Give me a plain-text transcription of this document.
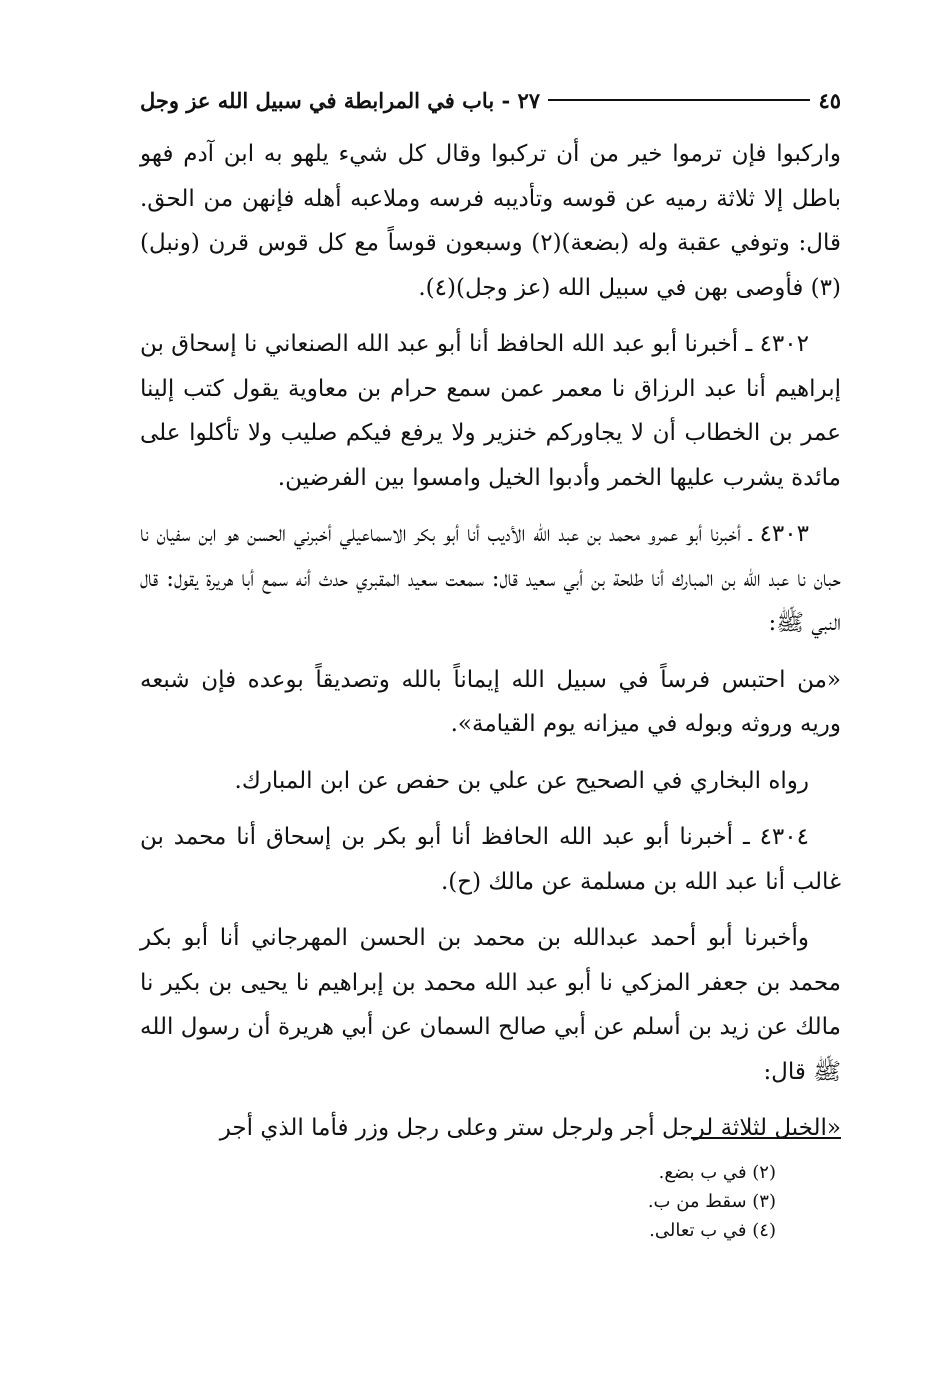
٢٧ - باب في المرابطة في سبيل الله عز وجل	٤٥

واركبوا فإن ترموا خير من أن تركبوا وقال كل شيء يلهو به ابن آدم فهو باطل إلا ثلاثة رميه عن قوسه وتأديبه فرسه وملاعبه أهله فإنهن من الحق. قال: وتوفي عقبة وله (بضعة)(٢) وسبعون قوساً مع كل قوس قرن (ونبل)(٣) فأوصى بهن في سبيل الله (عز وجل)(٤).

٤٣٠٢ ـ أخبرنا أبو عبد الله الحافظ أنا أبو عبد الله الصنعاني نا إسحاق بن إبراهيم أنا عبد الرزاق نا معمر عمن سمع حرام بن معاوية يقول كتب إلينا عمر بن الخطاب أن لا يجاوركم خنزير ولا يرفع فيكم صليب ولا تأكلوا على مائدة يشرب عليها الخمر وأدبوا الخيل وامسوا بين الفرضين.

٤٣٠٣ ـ أخبرنا أبو عمرو محمد بن عبد الله الأديب أنا أبو بكر الاسماعيلي أخبرني الحسن هو ابن سفيان نا حبان نا عبد الله بن المبارك أنا طلحة بن أبي سعيد قال: سمعت سعيد المقبري حدث أنه سمع أبا هريرة يقول: قال النبي ﷺ:

«من احتبس فرساً في سبيل الله إيماناً بالله وتصديقاً بوعده فإن شبعه وريه وروثه وبوله في ميزانه يوم القيامة».

رواه البخاري في الصحيح عن علي بن حفص عن ابن المبارك.

٤٣٠٤ ـ أخبرنا أبو عبد الله الحافظ أنا أبو بكر بن إسحاق أنا محمد بن غالب أنا عبد الله بن مسلمة عن مالك (ح).

وأخبرنا أبو أحمد عبدالله بن محمد بن الحسن المهرجاني أنا أبو بكر محمد بن جعفر المزكي نا أبو عبد الله محمد بن إبراهيم نا يحيى بن بكير نا مالك عن زيد بن أسلم عن أبي صالح السمان عن أبي هريرة أن رسول الله ﷺ قال:

«الخيل لثلاثة لرجل أجر ولرجل ستر وعلى رجل وزر فأما الذي أجر

(٢) في ب بضع.

(٣) سقط من ب.

(٤) في ب تعالى.
